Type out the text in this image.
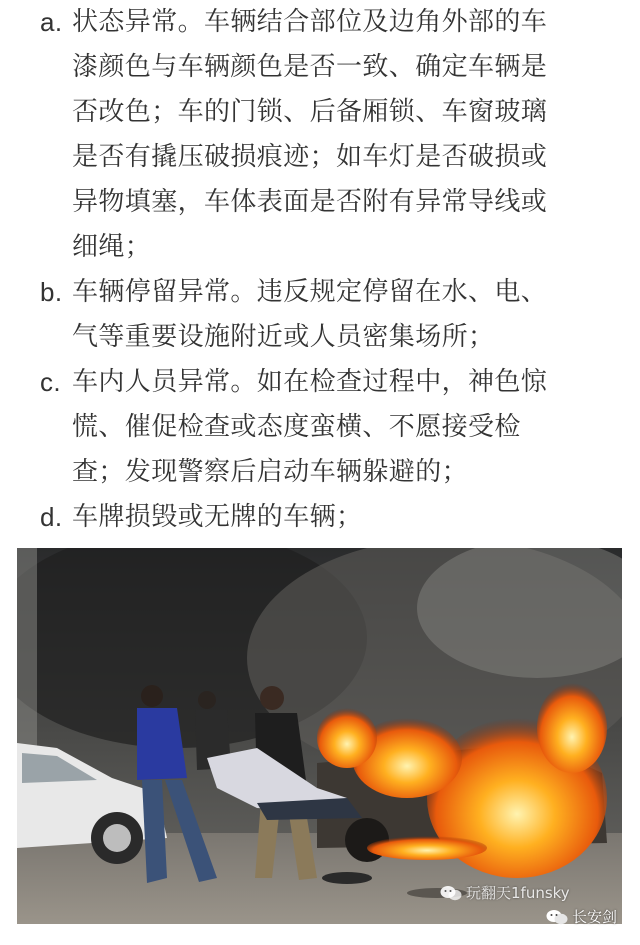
a. 状态异常。车辆结合部位及边角外部的车
漆颜色与车辆颜色是否一致、确定车辆是
否改色；车的门锁、后备厢锁、车窗玻璃
是否有撬压破损痕迹；如车灯是否破损或
异物填塞，车体表面是否附有异常导线或
细绳；
b. 车辆停留异常。违反规定停留在水、电、
气等重要设施附近或人员密集场所；
c. 车内人员异常。如在检查过程中，神色惊
慌、催促检查或态度蛮横、不愿接受检
查；发现警察后启动车辆躲避的；
d. 车牌损毁或无牌的车辆；
玩翻天1funsky
长安剑
